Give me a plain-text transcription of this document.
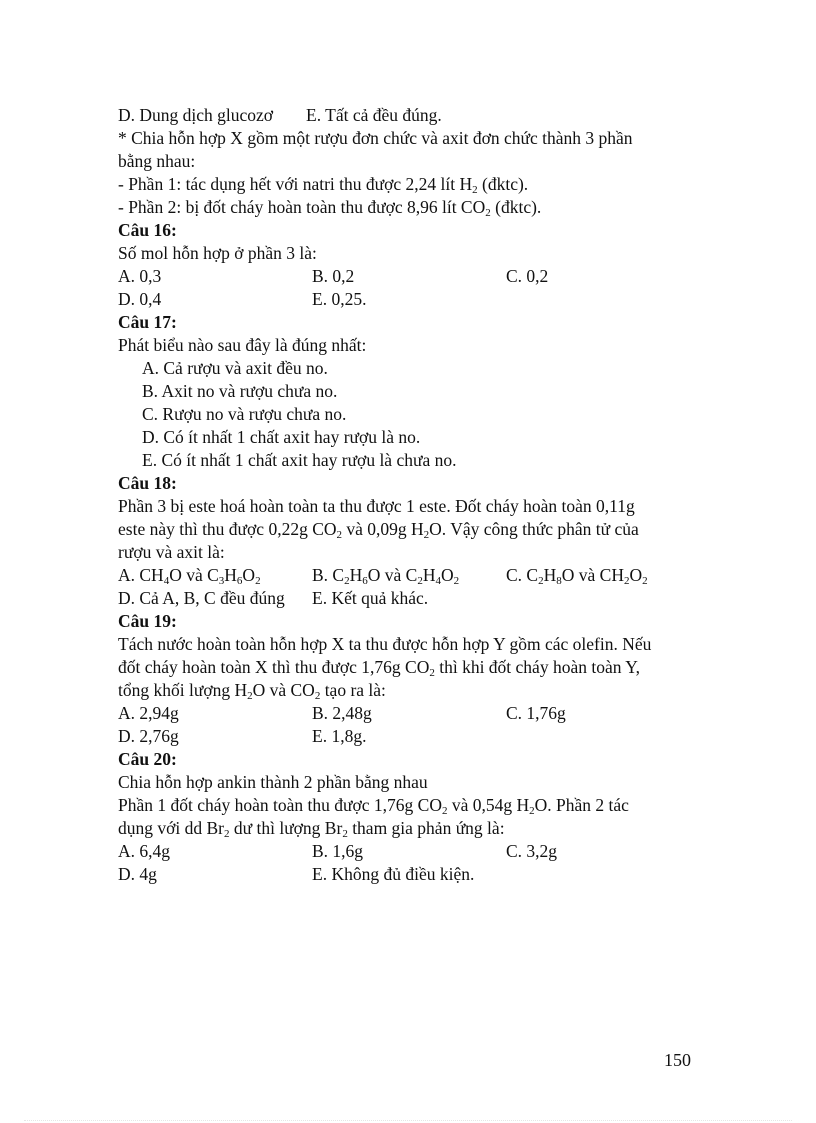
D. Dung dịch glucozơ	E. Tất cả đều đúng.
* Chia hỗn hợp X gồm một rượu đơn chức và axit đơn chức thành 3 phần
bằng nhau:
- Phần 1: tác dụng hết với natri thu được 2,24 lít $H_2$ (đktc).
- Phần 2: bị đốt cháy hoàn toàn thu được 8,96 lít $CO_2$ (đktc).
Câu 16:
Số mol hỗn hợp ở phần 3 là:
A. 0,3	B. 0,2	C. 0,2
D. 0,4	E. 0,25.
Câu 17:
Phát biểu nào sau đây là đúng nhất:
A. Cả rượu và axit đều no.
B. Axit no và rượu chưa no.
C. Rượu no và rượu chưa no.
D. Có ít nhất 1 chất axit hay rượu là no.
E. Có ít nhất 1 chất axit hay rượu là chưa no.
Câu 18:
Phần 3 bị este hoá hoàn toàn ta thu được 1 este. Đốt cháy hoàn toàn 0,11g
este này thì thu được 0,22g $CO_2$ và 0,09g $H_2O$. Vậy công thức phân tử của
rượu và axit là:
A. $CH_4O$ và $C_3H_6O_2$	B. $C_2H_6O$ và $C_2H_4O_2$	C. $C_2H_8O$ và $CH_2O_2$
D. Cả A, B, C đều đúng	E. Kết quả khác.
Câu 19:
Tách nước hoàn toàn hỗn hợp X ta thu được hỗn hợp Y gồm các olefin. Nếu
đốt cháy hoàn toàn X thì thu được 1,76g $CO_2$ thì khi đốt cháy hoàn toàn Y,
tổng khối lượng $H_2O$ và $CO_2$ tạo ra là:
A. 2,94g	B. 2,48g	C. 1,76g
D. 2,76g	E. 1,8g.
Câu 20:
Chia hỗn hợp ankin thành 2 phần bằng nhau
Phần 1 đốt cháy hoàn toàn thu được 1,76g $CO_2$ và 0,54g $H_2O$. Phần 2 tác
dụng với dd $Br_2$ dư thì lượng $Br_2$ tham gia phản ứng là:
A. 6,4g	B. 1,6g	C. 3,2g
D. 4g	E. Không đủ điều kiện.
150
